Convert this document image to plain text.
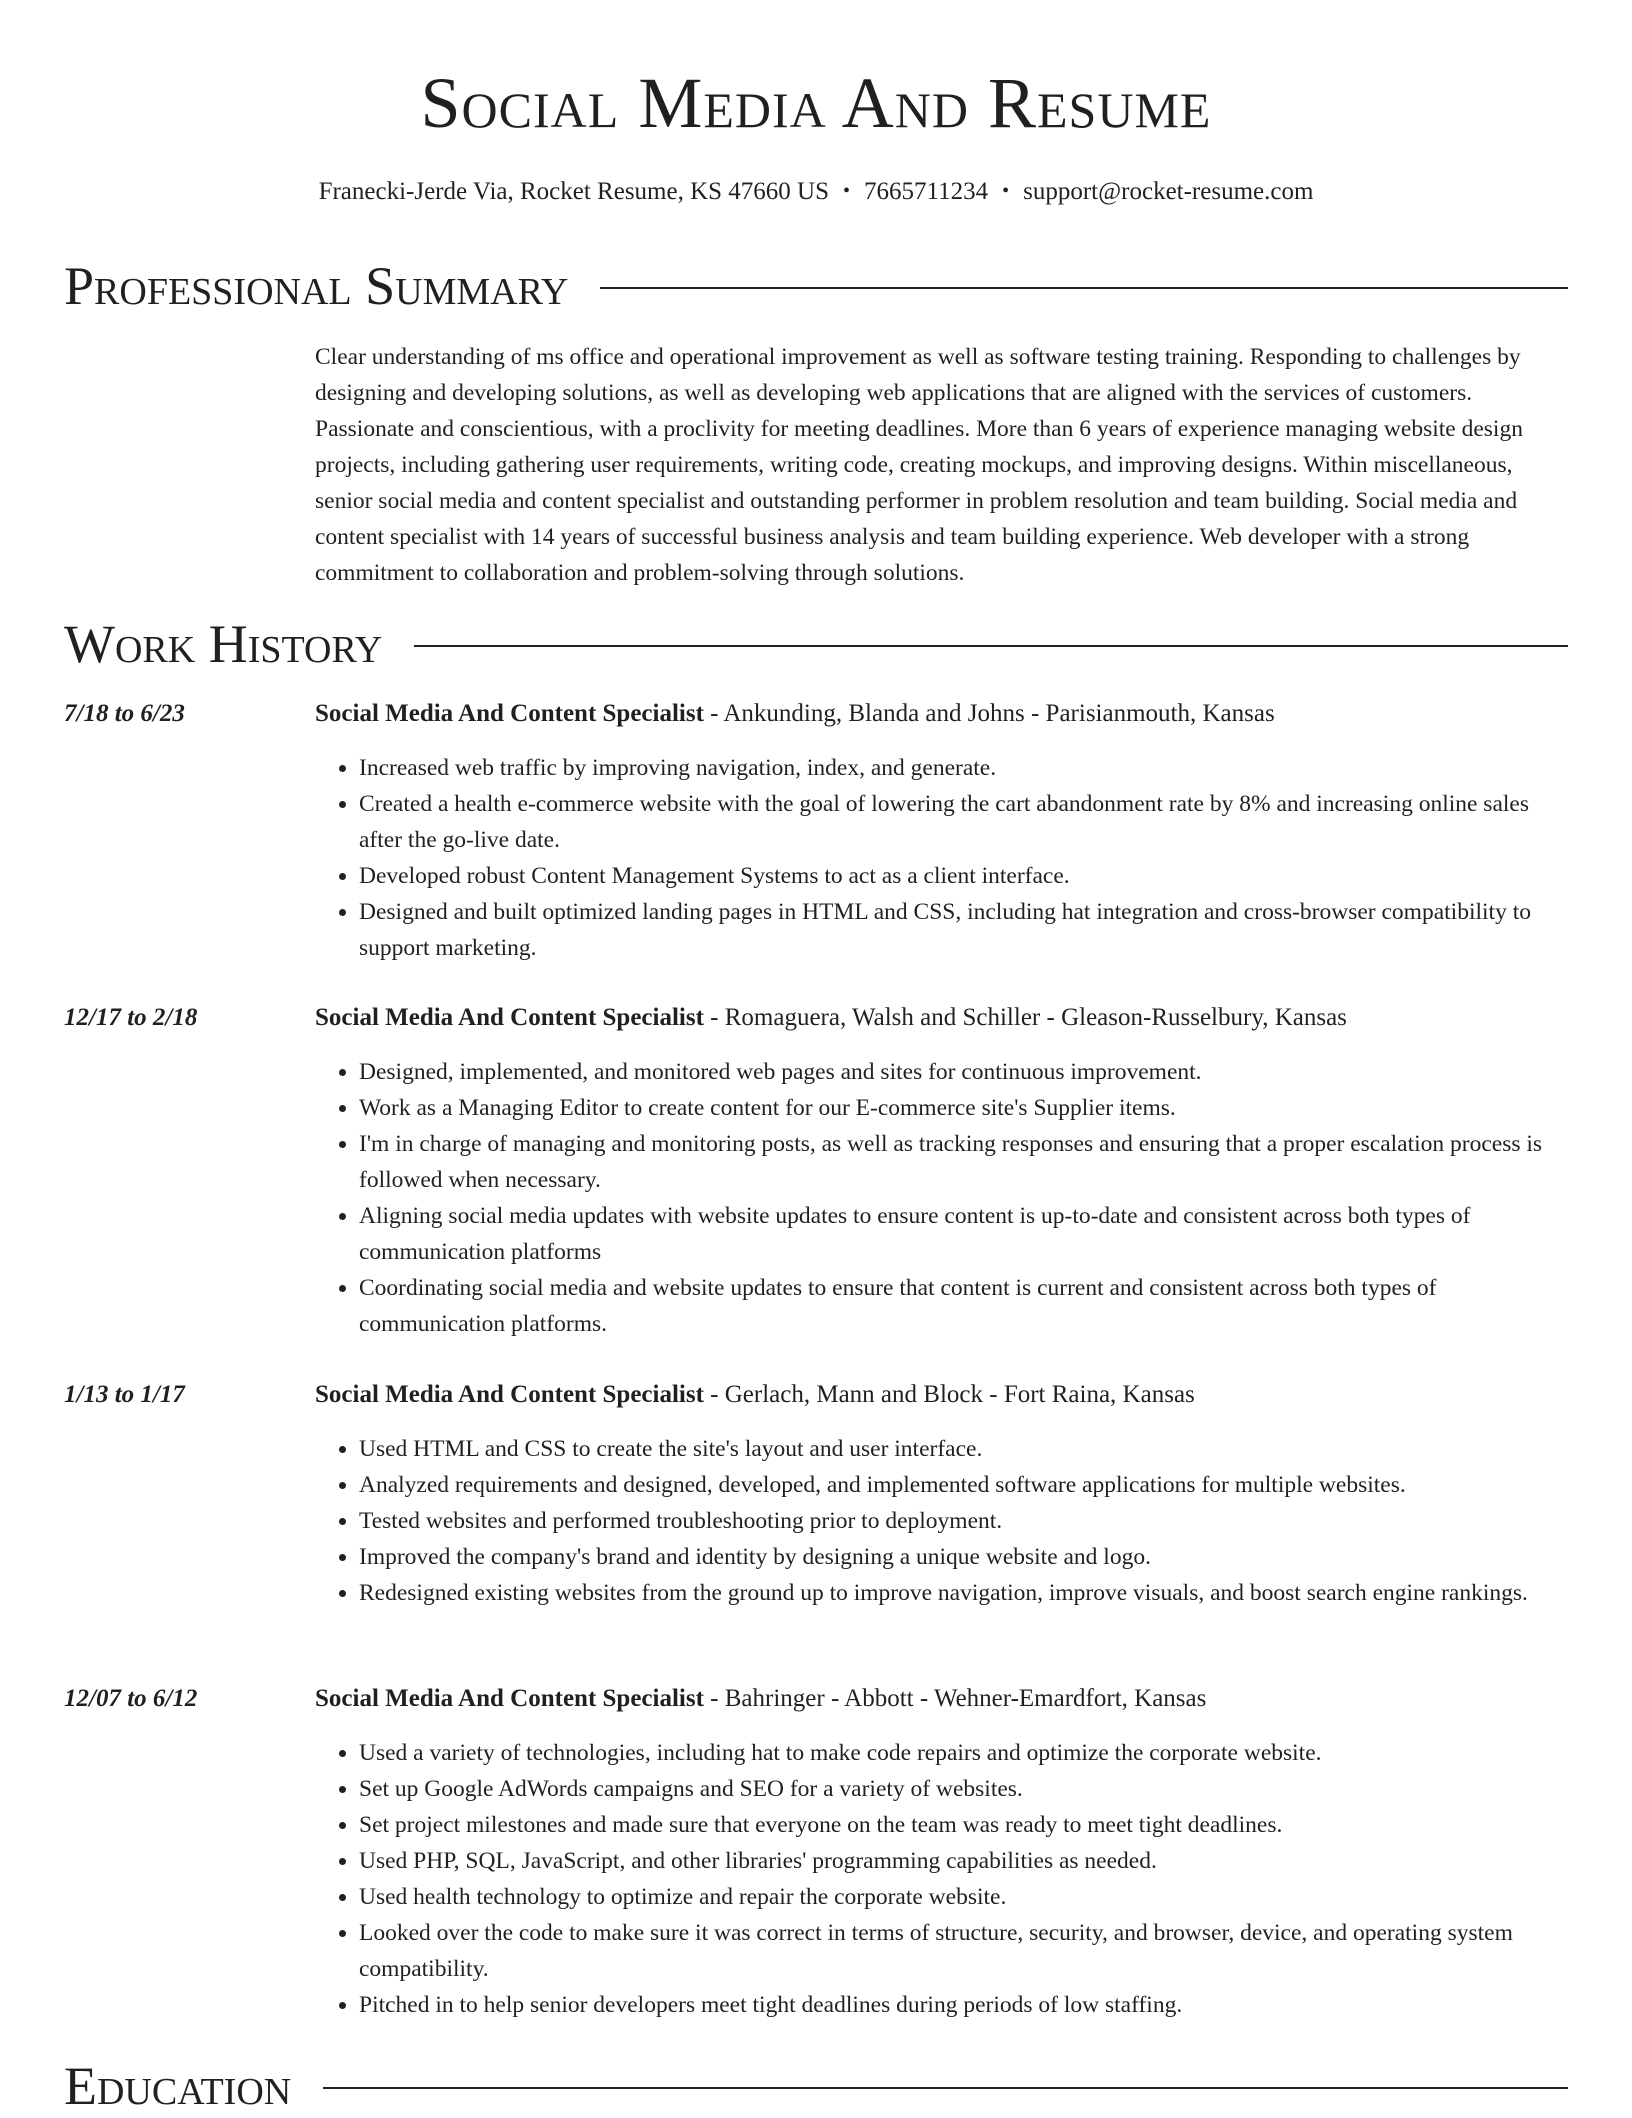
Social Media And Resume
Franecki-Jerde Via, Rocket Resume, KS 47660 US • 7665711234 • support@rocket-resume.com
Professional Summary

Clear understanding of ms office and operational improvement as well as software testing training. Responding to challenges by designing and developing solutions, as well as developing web applications that are aligned with the services of customers. Passionate and conscientious, with a proclivity for meeting deadlines. More than 6 years of experience managing website design projects, including gathering user requirements, writing code, creating mockups, and improving designs. Within miscellaneous, senior social media and content specialist and outstanding performer in problem resolution and team building. Social media and content specialist with 14 years of successful business analysis and team building experience. Web developer with a strong commitment to collaboration and problem-solving through solutions.

Work History
7/18 to 6/23	Social Media And Content Specialist - Ankunding, Blanda and Johns - Parisianmouth, Kansas
• Increased web traffic by improving navigation, index, and generate.
• Created a health e-commerce website with the goal of lowering the cart abandonment rate by 8% and increasing online sales after the go-live date.
• Developed robust Content Management Systems to act as a client interface.
• Designed and built optimized landing pages in HTML and CSS, including hat integration and cross-browser compatibility to support marketing.
12/17 to 2/18	Social Media And Content Specialist - Romaguera, Walsh and Schiller - Gleason-Russelbury, Kansas
• Designed, implemented, and monitored web pages and sites for continuous improvement.
• Work as a Managing Editor to create content for our E-commerce site's Supplier items.
• I'm in charge of managing and monitoring posts, as well as tracking responses and ensuring that a proper escalation process is followed when necessary.
• Aligning social media updates with website updates to ensure content is up-to-date and consistent across both types of communication platforms
• Coordinating social media and website updates to ensure that content is current and consistent across both types of communication platforms.
1/13 to 1/17	Social Media And Content Specialist - Gerlach, Mann and Block - Fort Raina, Kansas
• Used HTML and CSS to create the site's layout and user interface.
• Analyzed requirements and designed, developed, and implemented software applications for multiple websites.
• Tested websites and performed troubleshooting prior to deployment.
• Improved the company's brand and identity by designing a unique website and logo.
• Redesigned existing websites from the ground up to improve navigation, improve visuals, and boost search engine rankings.
12/07 to 6/12	Social Media And Content Specialist - Bahringer - Abbott - Wehner-Emardfort, Kansas
• Used a variety of technologies, including hat to make code repairs and optimize the corporate website.
• Set up Google AdWords campaigns and SEO for a variety of websites.
• Set project milestones and made sure that everyone on the team was ready to meet tight deadlines.
• Used PHP, SQL, JavaScript, and other libraries' programming capabilities as needed.
• Used health technology to optimize and repair the corporate website.
• Looked over the code to make sure it was correct in terms of structure, security, and browser, device, and operating system compatibility.
• Pitched in to help senior developers meet tight deadlines during periods of low staffing.
Education
